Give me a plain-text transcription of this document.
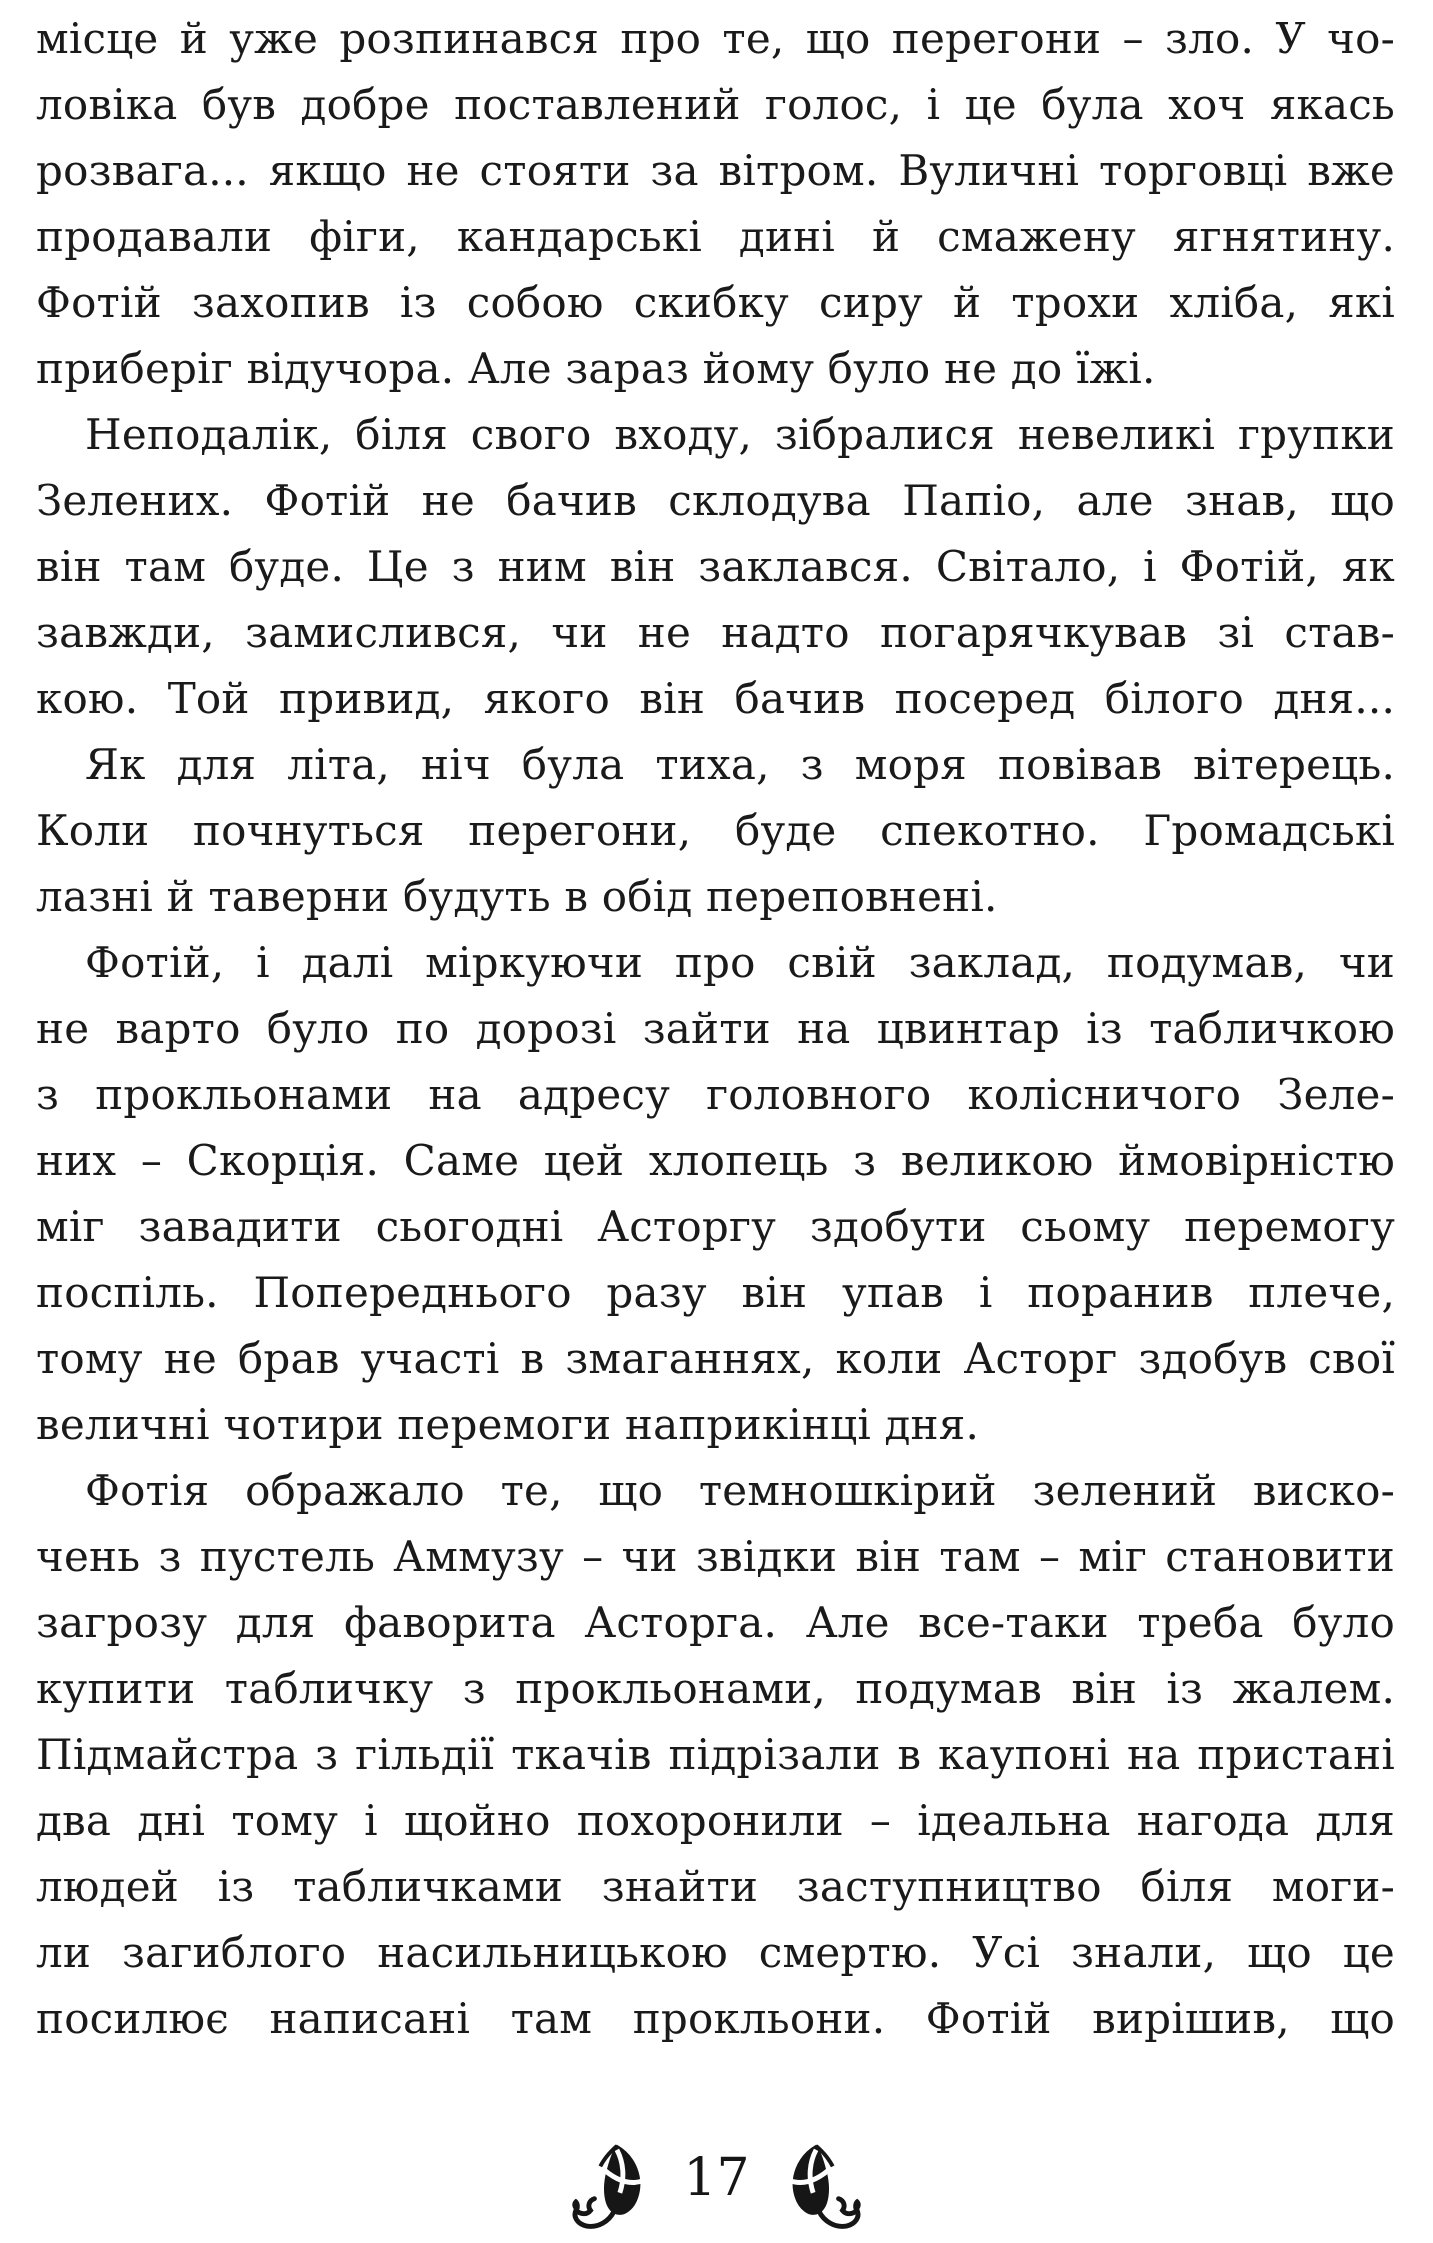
місце й уже розпинався про те, що перегони – зло. У чо-
ловіка був добре поставлений голос, і це була хоч якась
розвага... якщо не стояти за вітром. Вуличні торговці вже
продавали фіги, кандарські дині й смажену ягнятину.
Фотій захопив із собою скибку сиру й трохи хліба, які
приберіг відучора. Але зараз йому було не до їжі.
Неподалік, біля свого входу, зібралися невеликі групки
Зелених. Фотій не бачив склодува Папіо, але знав, що
він там буде. Це з ним він заклався. Світало, і Фотій, як
завжди, замислився, чи не надто погарячкував зі став-
кою. Той привид, якого він бачив посеред білого дня...
Як для літа, ніч була тиха, з моря повівав вітерець.
Коли почнуться перегони, буде спекотно. Громадські
лазні й таверни будуть в обід переповнені.
Фотій, і далі міркуючи про свій заклад, подумав, чи
не варто було по дорозі зайти на цвинтар із табличкою
з прокльонами на адресу головного колісничого Зеле-
них – Скорція. Саме цей хлопець з великою ймовірністю
міг завадити сьогодні Асторгу здобути сьому перемогу
поспіль. Попереднього разу він упав і поранив плече,
тому не брав участі в змаганнях, коли Асторг здобув свої
величні чотири перемоги наприкінці дня.
Фотія ображало те, що темношкірий зелений виско-
чень з пустель Аммузу – чи звідки він там – міг становити
загрозу для фаворита Асторга. Але все-таки треба було
купити табличку з прокльонами, подумав він із жалем.
Підмайстра з гільдії ткачів підрізали в каупоні на пристані
два дні тому і щойно похоронили – ідеальна нагода для
людей із табличками знайти заступництво біля моги-
ли загиблого насильницькою смертю. Усі знали, що це
посилює написані там прокльони. Фотій вирішив, що
17
